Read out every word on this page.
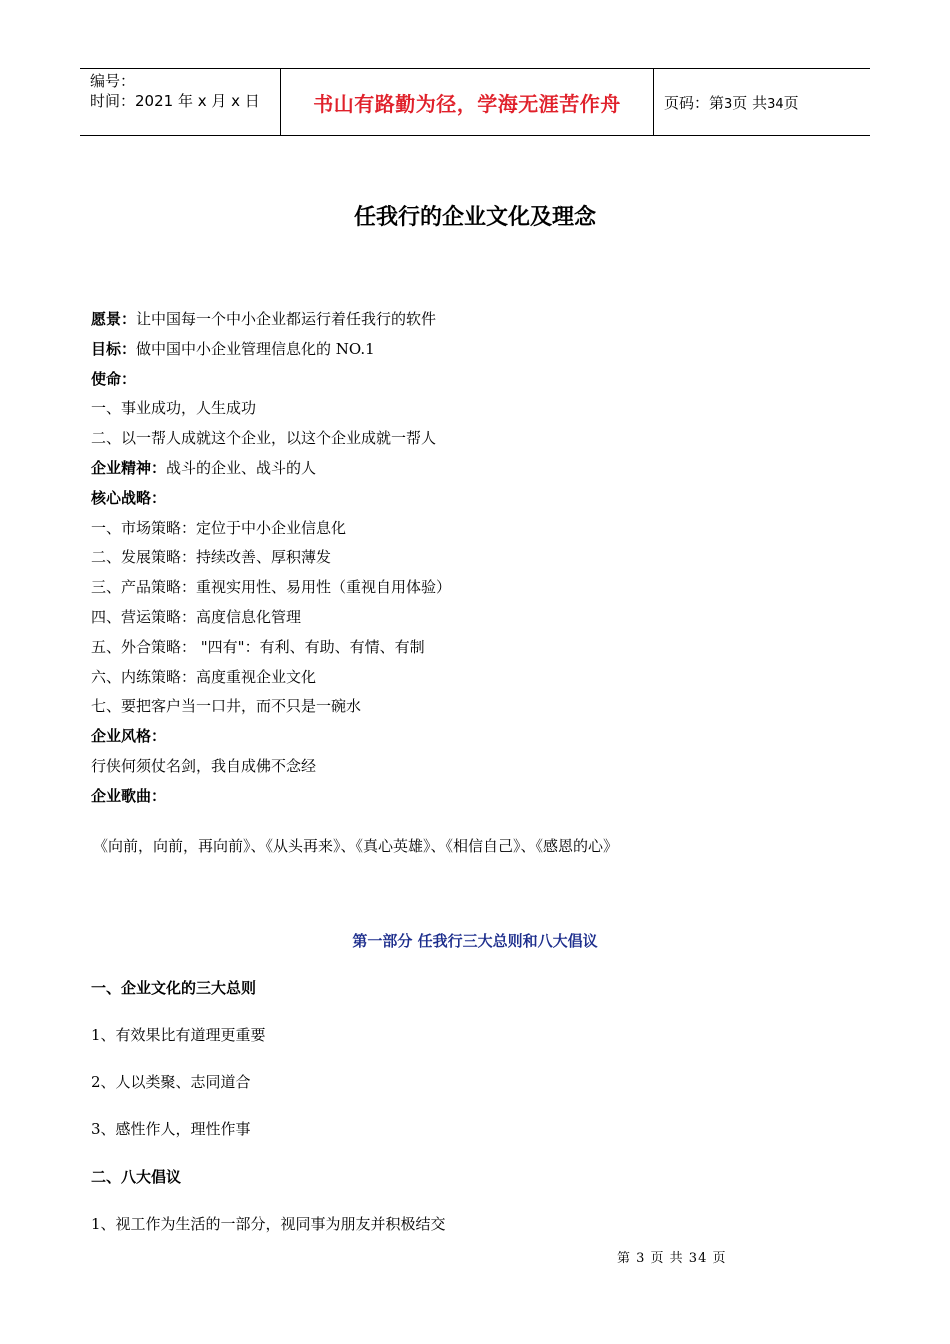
编号：
时间：2021 年 x 月 x 日	书山有路勤为径，学海无涯苦作舟	页码：第3页 共34页
任我行的企业文化及理念
愿景：让中国每一个中小企业都运行着任我行的软件
目标：做中国中小企业管理信息化的 NO.1
使命：
一、事业成功，人生成功
二、以一帮人成就这个企业，以这个企业成就一帮人
企业精神：战斗的企业、战斗的人
核心战略：
一、市场策略：定位于中小企业信息化
二、发展策略：持续改善、厚积薄发
三、产品策略：重视实用性、易用性（重视自用体验）
四、营运策略：高度信息化管理
五、外合策略： "四有"：有利、有助、有情、有制
六、内练策略：高度重视企业文化
七、要把客户当一口井，而不只是一碗水
企业风格：
行侠何须仗名剑，我自成佛不念经
企业歌曲：
《向前，向前，再向前》、《从头再来》、《真心英雄》、《相信自己》、《感恩的心》
第一部分 任我行三大总则和八大倡议
一、企业文化的三大总则
1、有效果比有道理更重要
2、人以类聚、志同道合
3、感性作人，理性作事
二、八大倡议
1、视工作为生活的一部分，视同事为朋友并积极结交
第 3 页 共 34 页
